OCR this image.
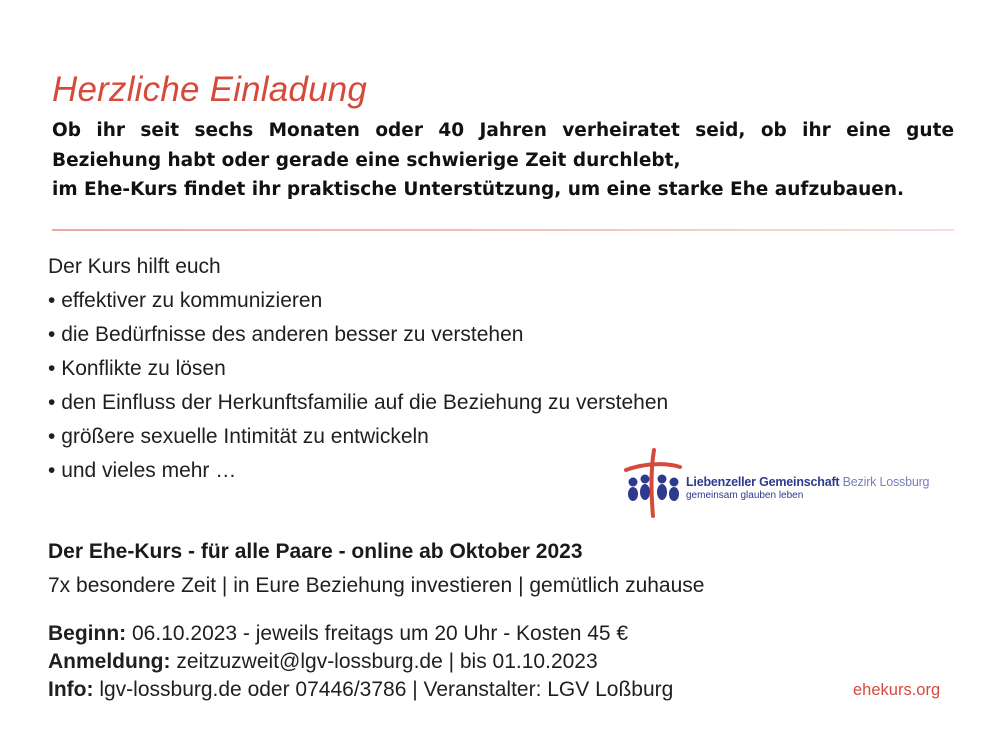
Herzliche Einladung

Ob ihr seit sechs Monaten oder 40 Jahren verheiratet seid, ob ihr eine gute
Beziehung habt oder gerade eine schwierige Zeit durchlebt,
im Ehe-Kurs findet ihr praktische Unterstützung, um eine starke Ehe aufzubauen.

Der Kurs hilft euch
• effektiver zu kommunizieren
• die Bedürfnisse des anderen besser zu verstehen
• Konflikte zu lösen
• den Einfluss der Herkunftsfamilie auf die Beziehung zu verstehen
• größere sexuelle Intimität zu entwickeln
• und vieles mehr …	Liebenzeller Gemeinschaft Bezirk Lossburg
gemeinsam glauben leben

Der Ehe-Kurs - für alle Paare - online ab Oktober 2023

7x besondere Zeit | in Eure Beziehung investieren | gemütlich zuhause

Beginn: 06.10.2023 - jeweils freitags um 20 Uhr - Kosten 45 €
Anmeldung: zeitzuzweit@lgv-lossburg.de | bis 01.10.2023
Info: lgv-lossburg.de oder 07446/3786 | Veranstalter: LGV Loßburg	ehekurs.org
